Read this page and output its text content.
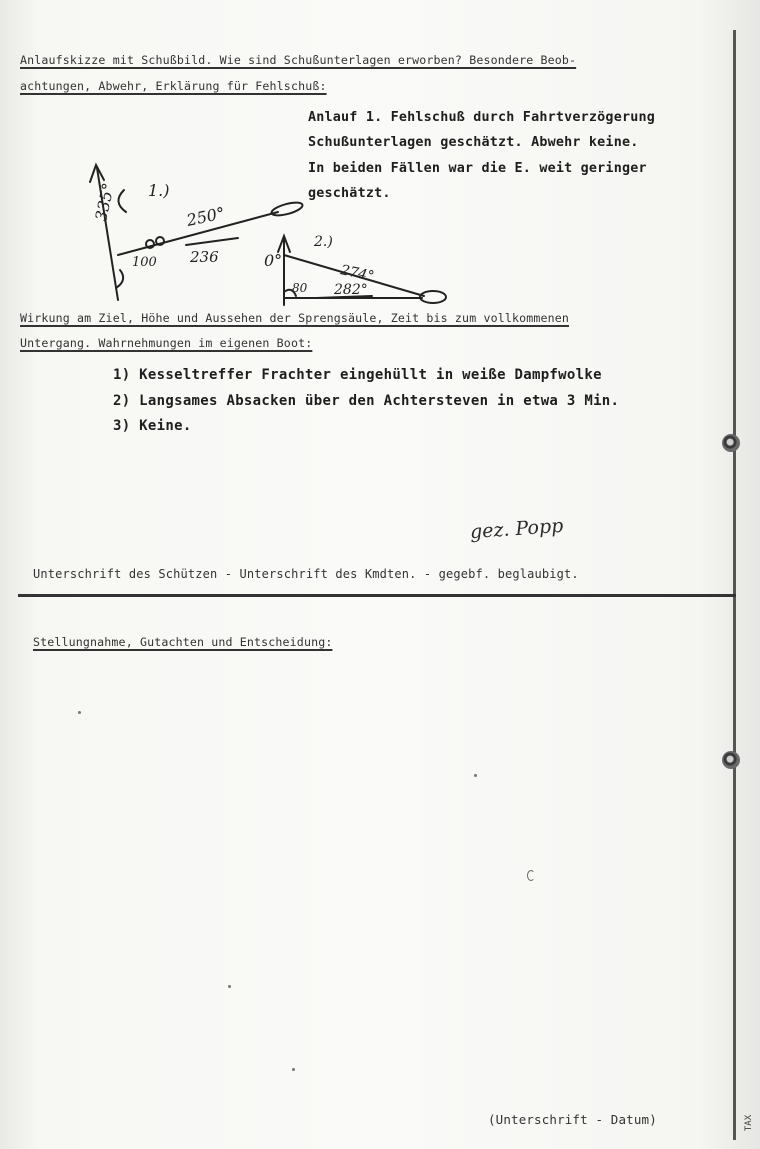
Anlaufskizze mit Schußbild. Wie sind Schußunterlagen erworben? Besondere Beob-
achtungen, Abwehr, Erklärung für Fehlschuß:
Anlauf 1. Fehlschuß durch Fahrtverzögerung
Schußunterlagen geschätzt. Abwehr keine.
In beiden Fällen war die E. weit geringer
geschätzt.
1.)
335°	250°
100 236
2.)
0°
274°
80 282°
Wirkung am Ziel, Höhe und Aussehen der Sprengsäule, Zeit bis zum vollkommenen
Untergang. Wahrnehmungen im eigenen Boot:
1) Kesseltreffer Frachter eingehüllt in weiße Dampfwolke
2) Langsames Absacken über den Achtersteven in etwa 3 Min.
3) Keine.
gez. Popp
Unterschrift des Schützen - Unterschrift des Kmdten. - gegebf. beglaubigt.
Stellungnahme, Gutachten und Entscheidung:
(Unterschrift - Datum)	TAX
